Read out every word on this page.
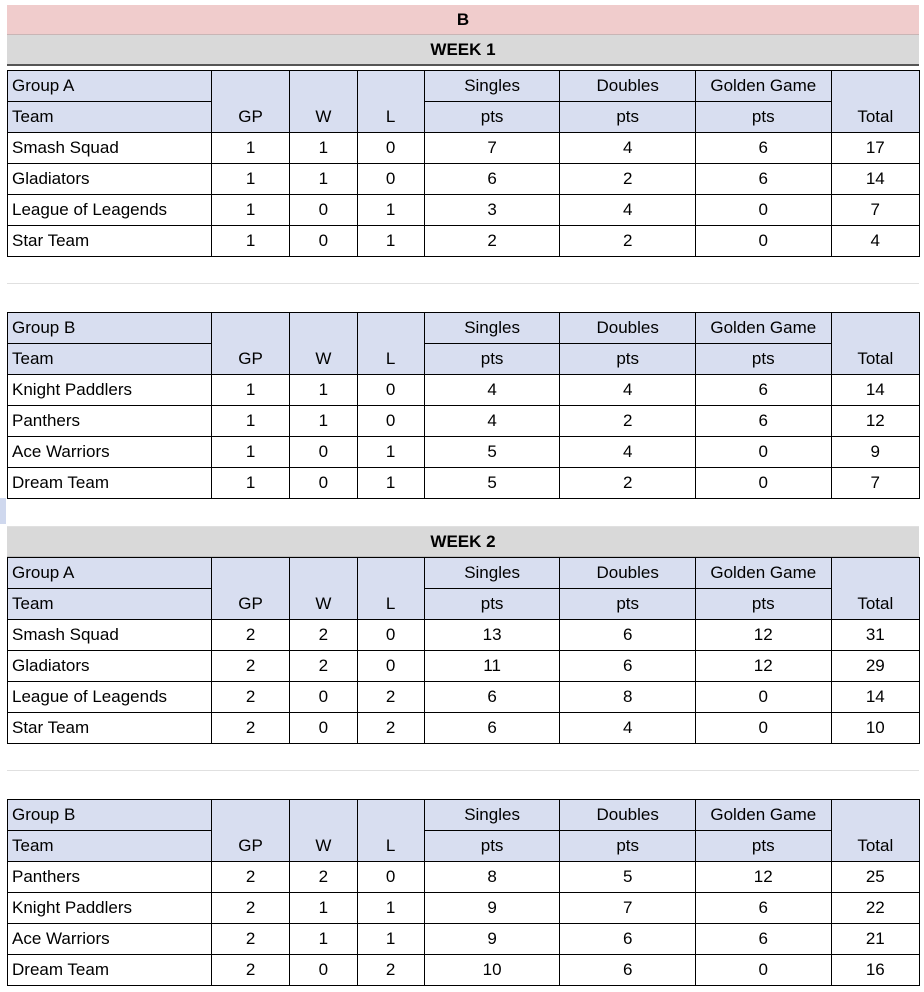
B
WEEK 1
Group A				Singles	Doubles	Golden Game	
Team	GP	W	L	pts	pts	pts	Total
Smash Squad	1	1	0	7	4	6	17
Gladiators	1	1	0	6	2	6	14
League of Leagends	1	0	1	3	4	0	7
Star Team	1	0	1	2	2	0	4
Group B				Singles	Doubles	Golden Game	
Team	GP	W	L	pts	pts	pts	Total
Knight Paddlers	1	1	0	4	4	6	14
Panthers	1	1	0	4	2	6	12
Ace Warriors	1	0	1	5	4	0	9
Dream Team	1	0	1	5	2	0	7
WEEK 2
Group A				Singles	Doubles	Golden Game	
Team	GP	W	L	pts	pts	pts	Total
Smash Squad	2	2	0	13	6	12	31
Gladiators	2	2	0	11	6	12	29
League of Leagends	2	0	2	6	8	0	14
Star Team	2	0	2	6	4	0	10
Group B				Singles	Doubles	Golden Game	
Team	GP	W	L	pts	pts	pts	Total
Panthers	2	2	0	8	5	12	25
Knight Paddlers	2	1	1	9	7	6	22
Ace Warriors	2	1	1	9	6	6	21
Dream Team	2	0	2	10	6	0	16
